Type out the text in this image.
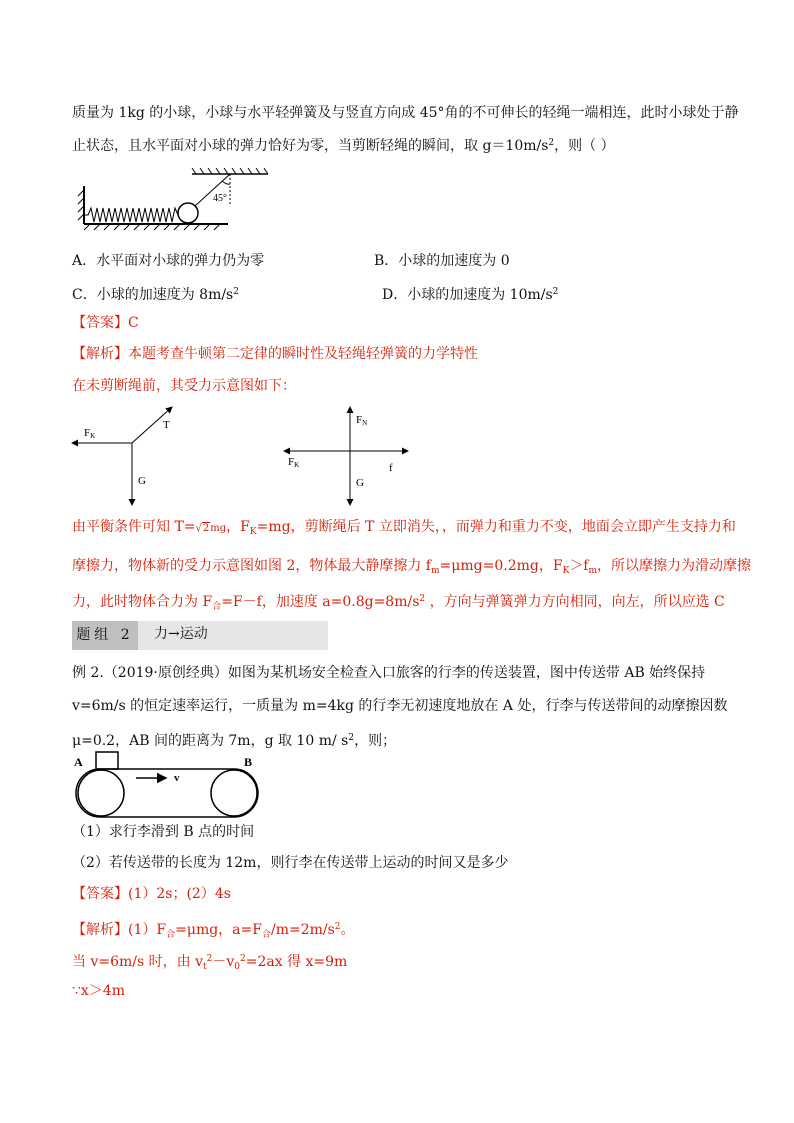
质量为 1kg 的小球，小球与水平轻弹簧及与竖直方向成 45°角的不可伸长的轻绳一端相连，此时小球处于静
止状态，且水平面对小球的弹力恰好为零，当剪断轻绳的瞬间，取 $g=10m/s^2$，则（ ）
45°
A．水平面对小球的弹力仍为零	B．小球的加速度为 0
C．小球的加速度为 $8m/s^2$	D．小球的加速度为 $10m/s^2$
【答案】C
【解析】本题考查牛顿第二定律的瞬时性及轻绳轻弹簧的力学特性
在未剪断绳前，其受力示意图如下：
FK
T
G
FN
FK	f
G
由平衡条件可知 T=√2mg，$F_K=mg$，剪断绳后 T 立即消失，，而弹力和重力不变，地面会立即产生支持力和
摩擦力，物体新的受力示意图如图 2，物体最大静摩擦力 $f_m=\mu mg=0.2mg$，$F_K>f_m$，所以摩擦力为滑动摩擦
力，此时物体合力为 $F_合=F-f$，加速度 $a=0.8g=8m/s^2$ ，方向与弹簧弹力方向相同，向左，所以应选 C
题组 2	力→运动
例 2.（2019·原创经典）如图为某机场安全检查入口旅客的行李的传送装置，图中传送带 AB 始终保持
v=6m/s 的恒定速率运行，一质量为 m=4kg 的行李无初速度地放在 A 处，行李与传送带间的动摩擦因数
μ=0.2，AB 间的距离为 7m，g 取 10 m/ $s^2$，则；
A	B
v
（1）求行李滑到 B 点的时间
（2）若传送带的长度为 12m，则行李在传送带上运动的时间又是多少
【答案】(1）2s；(2）4s
【解析】$(1)F_合=\mu mg$，$a=F_合/m=2m/s^2$。
当 v=6m/s 时，由 $v_t^2-v_0^2=2ax$ 得 x=9m
∵x＞4m
